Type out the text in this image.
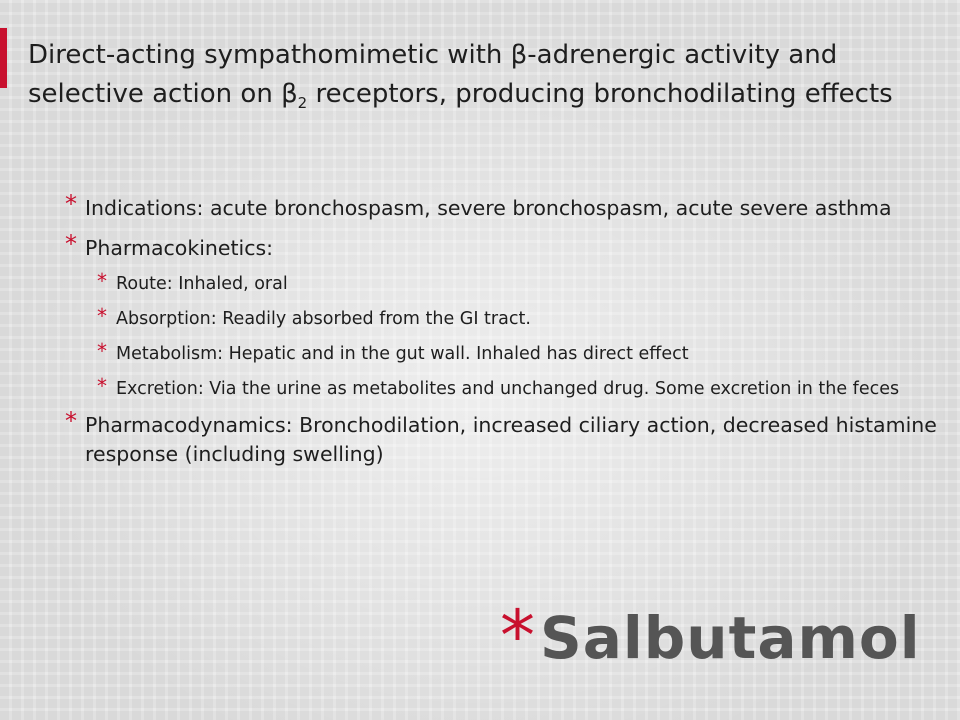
Direct-acting sympathomimetic with β-adrenergic activity and selective action on $\beta_2$ receptors, producing bronchodilating effects

* Indications: acute bronchospasm, severe bronchospasm, acute severe asthma
* Pharmacokinetics:
* Route: Inhaled, oral
* Absorption: Readily absorbed from the GI tract.
* Metabolism: Hepatic and in the gut wall. Inhaled has direct effect
* Excretion: Via the urine as metabolites and unchanged drug. Some excretion in the feces
* Pharmacodynamics: Bronchodilation, increased ciliary action, decreased histamine response (including swelling)
*Salbutamol
